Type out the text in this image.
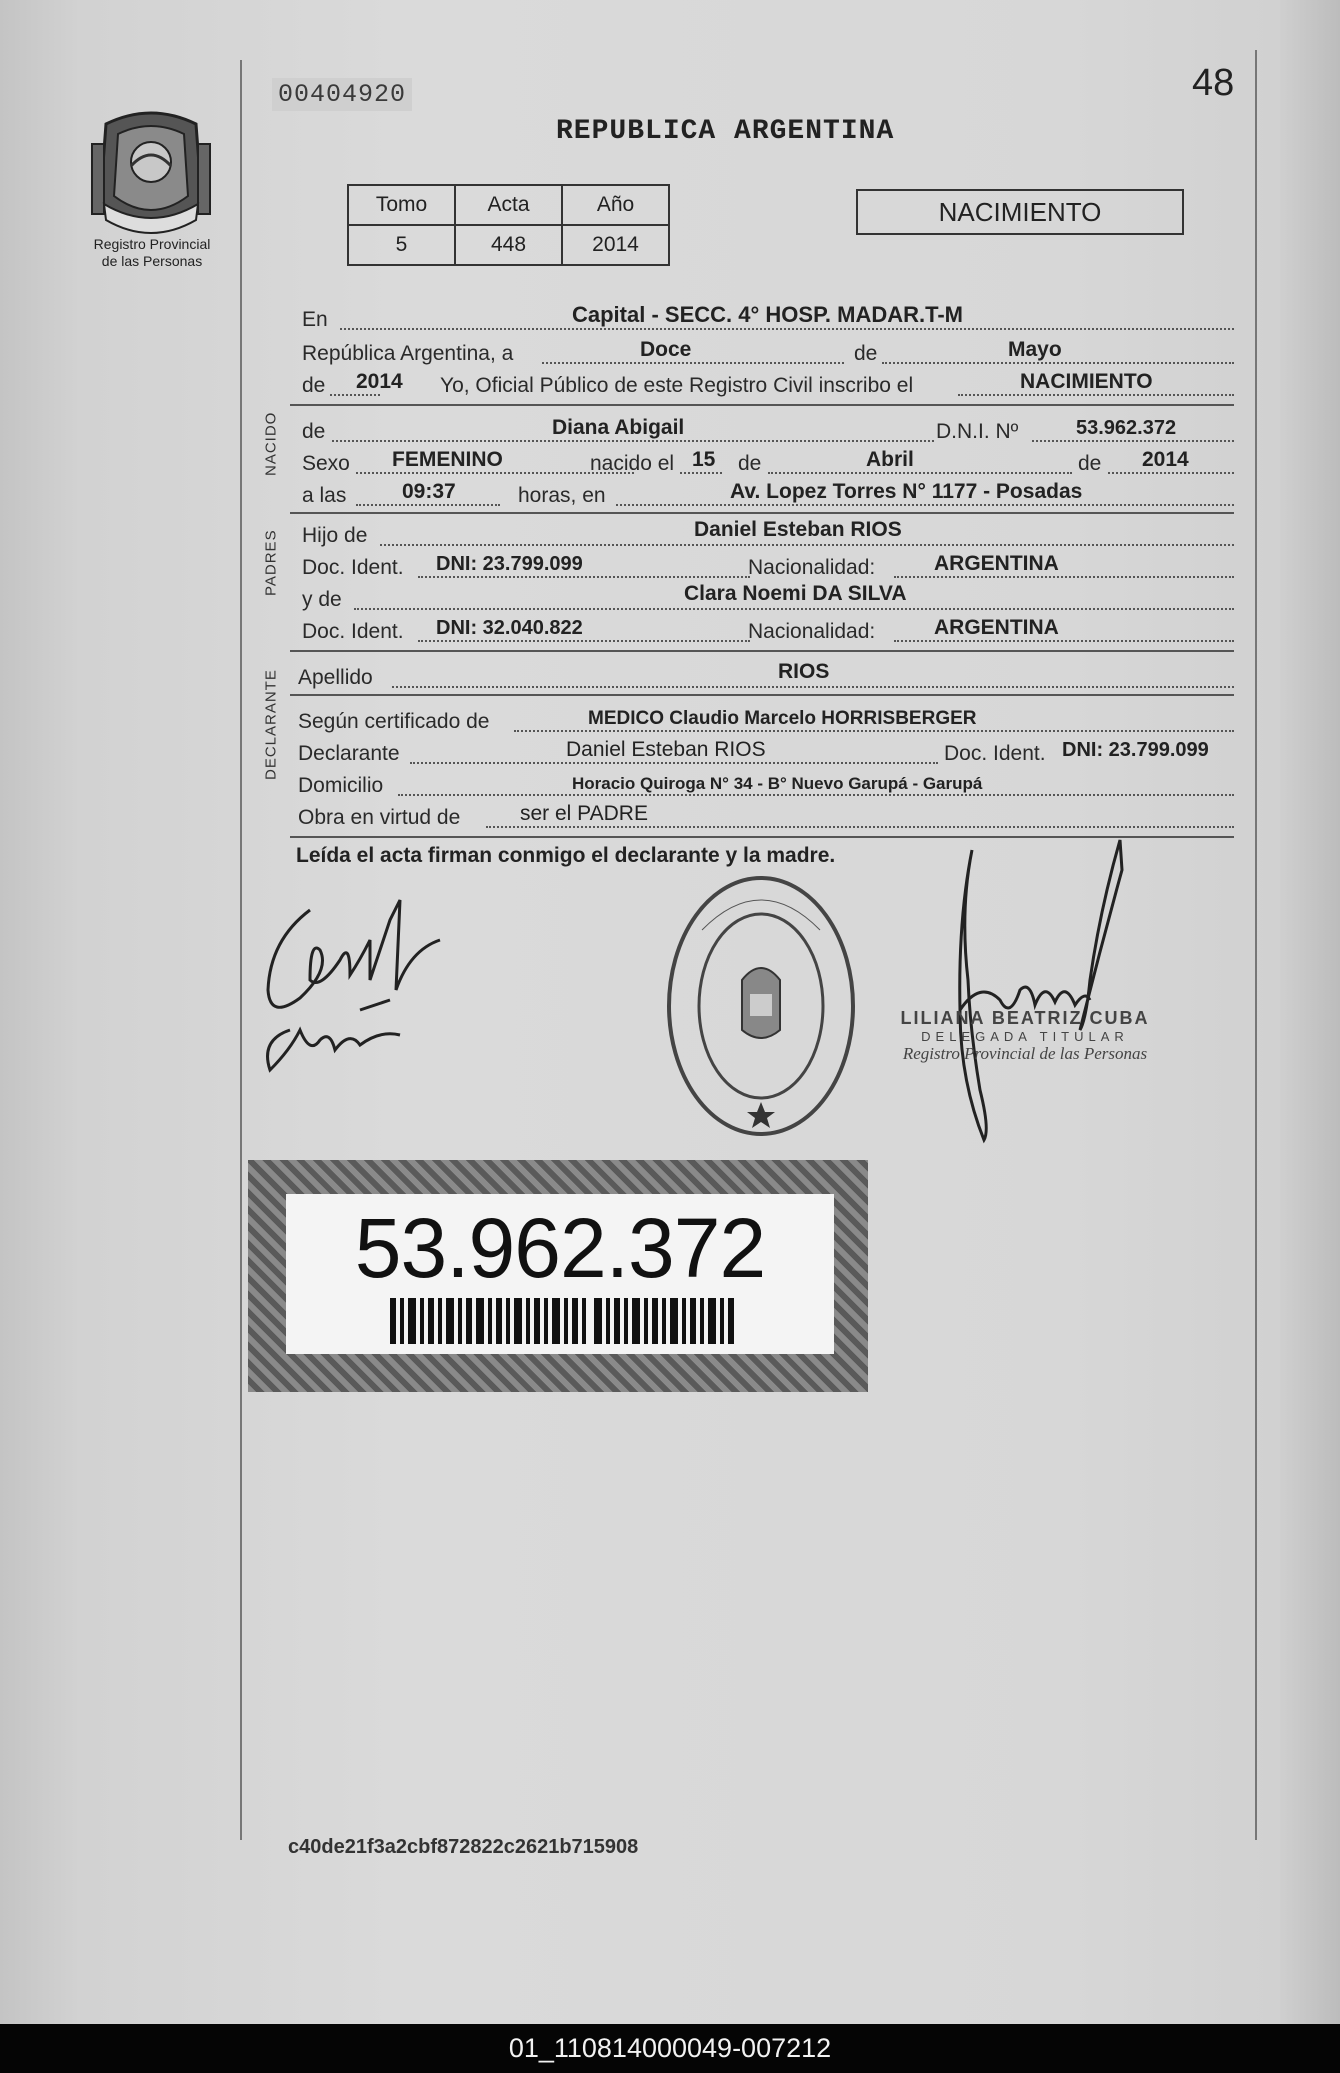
Registro Provincial
de las Personas
00404920	48
REPUBLICA ARGENTINA
Tomo	Acta	Año
5	448	2014
NACIMIENTO
En	Capital - SECC. 4° HOSP. MADAR.T-M
República Argentina, a	Doce	de	Mayo
de 2014 Yo, Oficial Público de este Registro Civil inscribo el	NACIMIENTO
NACIDO de	Diana Abigail	D.N.I. Nº	53.962.372
Sexo FEMENINO	nacido el 15 de	Abril	de 2014
a las	09:37	horas, en	Av. Lopez Torres N° 1177 - Posadas
PADRES Hijo de	Daniel Esteban RIOS
Doc. Ident. DNI: 23.799.099	Nacionalidad:	ARGENTINA
y de	Clara Noemi DA SILVA
Doc. Ident. DNI: 32.040.822	Nacionalidad:	ARGENTINA
Apellido	RIOS
DECLARANTE Según certificado de	MEDICO Claudio Marcelo HORRISBERGER
Declarante	Daniel Esteban RIOS	Doc. Ident. DNI: 23.799.099
Domicilio	Horacio Quiroga N° 34 - B° Nuevo Garupá - Garupá
Obra en virtud de	ser el PADRE
Leída el acta firman conmigo el declarante y la madre.
LILIANA BEATRIZ CUBA
DELEGADA TITULAR
Registro Provincial de las Personas
53.962.372
c40de21f3a2cbf872822c2621b715908
01_110814000049-007212
